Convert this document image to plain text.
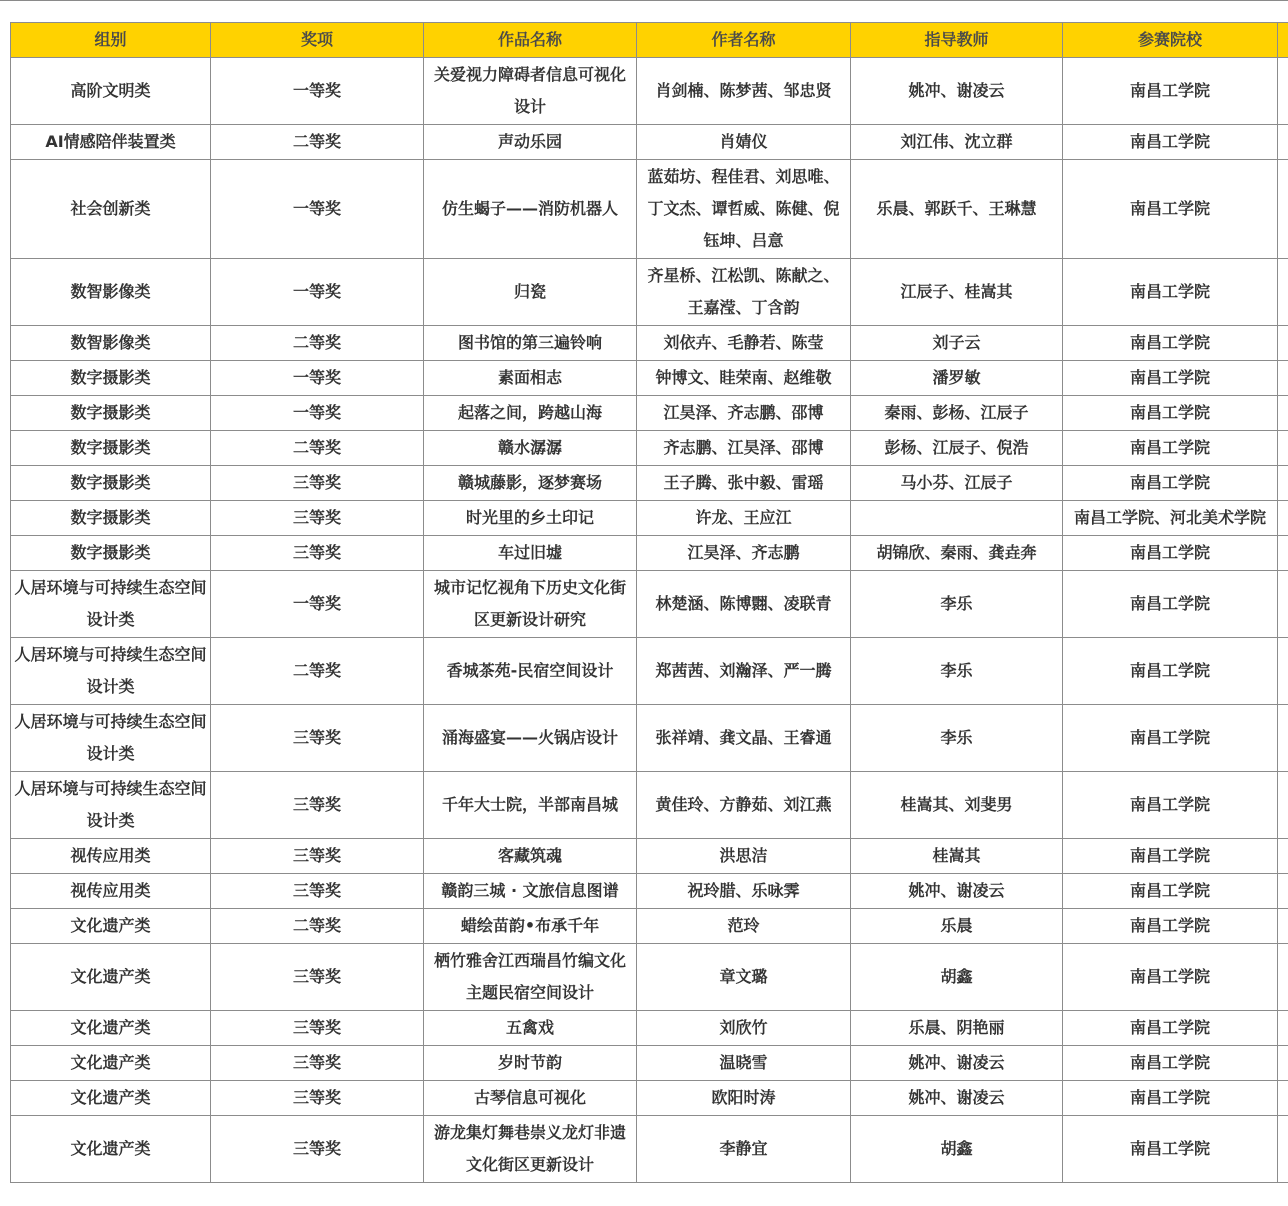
组别	奖项	作品名称	作者名称	指导教师	参赛院校	
高阶文明类	一等奖	关爱视力障碍者信息可视化设计	肖剑楠、陈梦茜、邹忠贤	姚冲、谢凌云	南昌工学院	
AI情感陪伴装置类	二等奖	声动乐园	肖婧仪	刘江伟、沈立群	南昌工学院	
社会创新类	一等奖	仿生蝎子——消防机器人	蓝茹坊、程佳君、刘思唯、丁文杰、谭哲威、陈健、倪钰坤、吕意	乐晨、郭跃千、王琳慧	南昌工学院	
数智影像类	一等奖	归瓷	齐星桥、江松凯、陈献之、王嘉滢、丁含韵	江辰子、桂嵩其	南昌工学院	
数智影像类	二等奖	图书馆的第三遍铃响	刘依卉、毛静若、陈莹	刘子云	南昌工学院	
数字摄影类	一等奖	素面相志	钟博文、眭荣南、赵维敬	潘罗敏	南昌工学院	
数字摄影类	一等奖	起落之间，跨越山海	江昊泽、齐志鹏、邵博	秦雨、彭杨、江辰子	南昌工学院	
数字摄影类	二等奖	赣水潺潺	齐志鹏、江昊泽、邵博	彭杨、江辰子、倪浩	南昌工学院	
数字摄影类	三等奖	赣城藤影，逐梦赛场	王子腾、张中毅、雷瑶	马小芬、江辰子	南昌工学院	
数字摄影类	三等奖	时光里的乡土印记	许龙、王应江		南昌工学院、河北美术学院	
数字摄影类	三等奖	车过旧墟	江昊泽、齐志鹏	胡锦欣、秦雨、龚垚奔	南昌工学院	
人居环境与可持续生态空间设计类	一等奖	城市记忆视角下历史文化街区更新设计研究	林楚涵、陈博翾、凌联青	李乐	南昌工学院	
人居环境与可持续生态空间设计类	二等奖	香城茶苑-民宿空间设计	郑茜茜、刘瀚泽、严一腾	李乐	南昌工学院	
人居环境与可持续生态空间设计类	三等奖	涌海盛宴——火锅店设计	张祥靖、龚文晶、王睿通	李乐	南昌工学院	
人居环境与可持续生态空间设计类	三等奖	千年大士院，半部南昌城	黄佳玲、方静茹、刘江燕	桂嵩其、刘斐男	南昌工学院	
视传应用类	三等奖	客藏筑魂	洪思洁	桂嵩其	南昌工学院	
视传应用类	三等奖	赣韵三城 · 文旅信息图谱	祝玲腊、乐咏霁	姚冲、谢凌云	南昌工学院	
文化遗产类	二等奖	蜡绘苗韵•布承千年	范玲	乐晨	南昌工学院	
文化遗产类	三等奖	栖竹雅舍江西瑞昌竹编文化主题民宿空间设计	章文璐	胡鑫	南昌工学院	
文化遗产类	三等奖	五禽戏	刘欣竹	乐晨、阴艳丽	南昌工学院	
文化遗产类	三等奖	岁时节韵	温晓雪	姚冲、谢凌云	南昌工学院	
文化遗产类	三等奖	古琴信息可视化	欧阳时涛	姚冲、谢凌云	南昌工学院	
文化遗产类	三等奖	游龙集灯舞巷崇义龙灯非遗文化街区更新设计	李静宜	胡鑫	南昌工学院	
